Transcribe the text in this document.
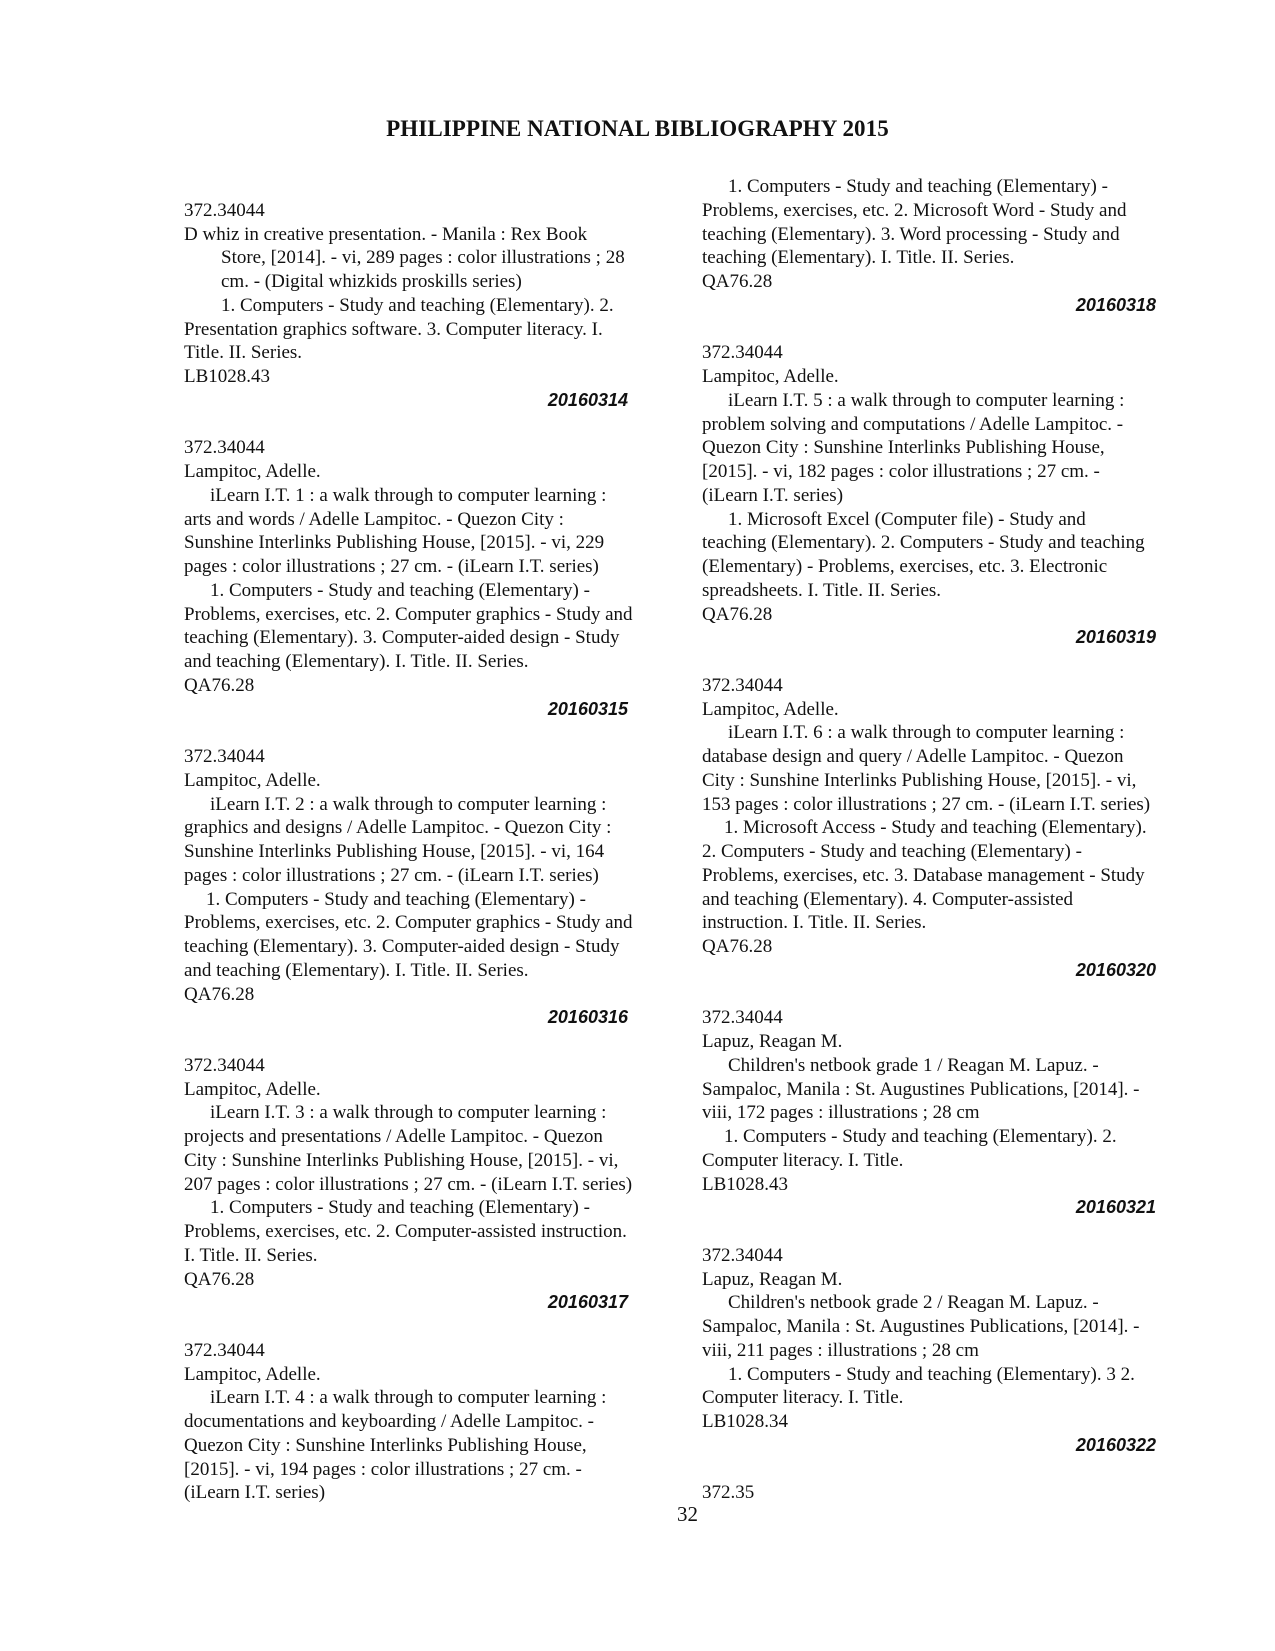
PHILIPPINE NATIONAL BIBLIOGRAPHY 2015
372.34044
D whiz in creative presentation. - Manila : Rex Book
Store, [2014]. - vi, 289 pages : color illustrations ; 28
cm. - (Digital whizkids proskills series)
1. Computers - Study and teaching (Elementary). 2.
Presentation graphics software. 3. Computer literacy. I.
Title. II. Series.
LB1028.43
20160314
372.34044
Lampitoc, Adelle.
iLearn I.T. 1 : a walk through to computer learning :
arts and words / Adelle Lampitoc. - Quezon City :
Sunshine Interlinks Publishing House, [2015]. - vi, 229
pages : color illustrations ; 27 cm. - (iLearn I.T. series)
1. Computers - Study and teaching (Elementary) -
Problems, exercises, etc. 2. Computer graphics - Study and
teaching (Elementary). 3. Computer-aided design - Study
and teaching (Elementary). I. Title. II. Series.
QA76.28
20160315
372.34044
Lampitoc, Adelle.
iLearn I.T. 2 : a walk through to computer learning :
graphics and designs / Adelle Lampitoc. - Quezon City :
Sunshine Interlinks Publishing House, [2015]. - vi, 164
pages : color illustrations ; 27 cm. - (iLearn I.T. series)
1. Computers - Study and teaching (Elementary) -
Problems, exercises, etc. 2. Computer graphics - Study and
teaching (Elementary). 3. Computer-aided design - Study
and teaching (Elementary). I. Title. II. Series.
QA76.28
20160316
372.34044
Lampitoc, Adelle.
iLearn I.T. 3 : a walk through to computer learning :
projects and presentations / Adelle Lampitoc. - Quezon
City : Sunshine Interlinks Publishing House, [2015]. - vi,
207 pages : color illustrations ; 27 cm. - (iLearn I.T. series)
1. Computers - Study and teaching (Elementary) -
Problems, exercises, etc. 2. Computer-assisted instruction.
I. Title. II. Series.
QA76.28
20160317
372.34044
Lampitoc, Adelle.
iLearn I.T. 4 : a walk through to computer learning :
documentations and keyboarding / Adelle Lampitoc. -
Quezon City : Sunshine Interlinks Publishing House,
[2015]. - vi, 194 pages : color illustrations ; 27 cm. -
(iLearn I.T. series)
1. Computers - Study and teaching (Elementary) -
Problems, exercises, etc. 2. Microsoft Word - Study and
teaching (Elementary). 3. Word processing - Study and
teaching (Elementary). I. Title. II. Series.
QA76.28
20160318
372.34044
Lampitoc, Adelle.
iLearn I.T. 5 : a walk through to computer learning :
problem solving and computations / Adelle Lampitoc. -
Quezon City : Sunshine Interlinks Publishing House,
[2015]. - vi, 182 pages : color illustrations ; 27 cm. -
(iLearn I.T. series)
1. Microsoft Excel (Computer file) - Study and
teaching (Elementary). 2. Computers - Study and teaching
(Elementary) - Problems, exercises, etc. 3. Electronic
spreadsheets. I. Title. II. Series.
QA76.28
20160319
372.34044
Lampitoc, Adelle.
iLearn I.T. 6 : a walk through to computer learning :
database design and query / Adelle Lampitoc. - Quezon
City : Sunshine Interlinks Publishing House, [2015]. - vi,
153 pages : color illustrations ; 27 cm. - (iLearn I.T. series)
1. Microsoft Access - Study and teaching (Elementary).
2. Computers - Study and teaching (Elementary) -
Problems, exercises, etc. 3. Database management - Study
and teaching (Elementary). 4. Computer-assisted
instruction. I. Title. II. Series.
QA76.28
20160320
372.34044
Lapuz, Reagan M.
Children's netbook grade 1 / Reagan M. Lapuz. -
Sampaloc, Manila : St. Augustines Publications, [2014]. -
viii, 172 pages : illustrations ; 28 cm
1. Computers - Study and teaching (Elementary). 2.
Computer literacy. I. Title.
LB1028.43
20160321
372.34044
Lapuz, Reagan M.
Children's netbook grade 2 / Reagan M. Lapuz. -
Sampaloc, Manila : St. Augustines Publications, [2014]. -
viii, 211 pages : illustrations ; 28 cm
1. Computers - Study and teaching (Elementary). 3 2.
Computer literacy. I. Title.
LB1028.34
20160322
372.35
32
